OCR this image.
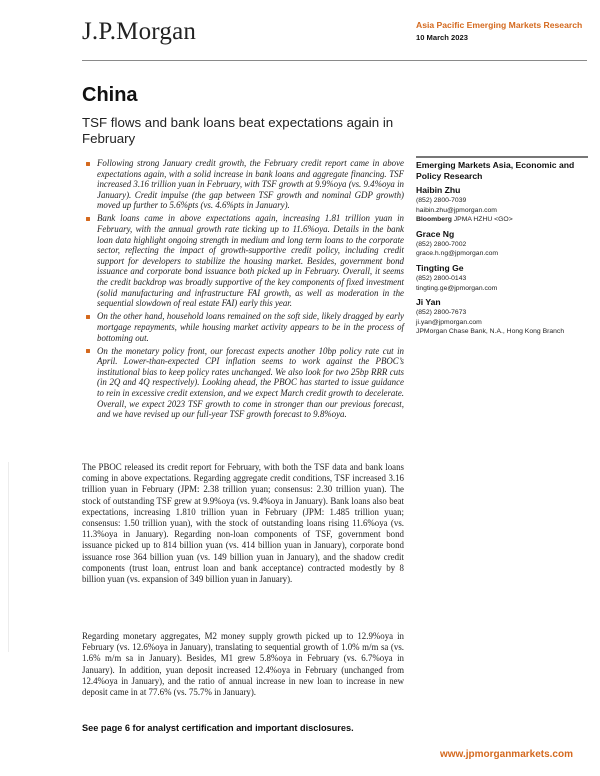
J.P.Morgan	Asia Pacific Emerging Markets Research
10 March 2023
China
TSF flows and bank loans beat expectations again in February
Following strong January credit growth, the February credit report came in above expectations again, with a solid increase in bank loans and aggregate financing. TSF increased 3.16 trillion yuan in February, with TSF growth at 9.9%oya (vs. 9.4%oya in January). Credit impulse (the gap between TSF growth and nominal GDP growth) moved up further to 5.6%pts (vs. 4.6%pts in January).
Bank loans came in above expectations again, increasing 1.81 trillion yuan in February, with the annual growth rate ticking up to 11.6%oya. Details in the bank loan data highlight ongoing strength in medium and long term loans to the corporate sector, reflecting the impact of growth-supportive credit policy, including credit support for developers to stabilize the housing market. Besides, government bond issuance and corporate bond issuance both picked up in February. Overall, it seems the credit backdrop was broadly supportive of the key components of fixed investment (solid manufacturing and infrastructure FAI growth, as well as moderation in the sequential slowdown of real estate FAI) early this year.
On the other hand, household loans remained on the soft side, likely dragged by early mortgage repayments, while housing market activity appears to be in the process of bottoming out.
On the monetary policy front, our forecast expects another 10bp policy rate cut in April. Lower-than-expected CPI inflation seems to work against the PBOC’s institutional bias to keep policy rates unchanged. We also look for two 25bp RRR cuts (in 2Q and 4Q respectively). Looking ahead, the PBOC has started to issue guidance to rein in excessive credit extension, and we expect March credit growth to decelerate. Overall, we expect 2023 TSF growth to come in stronger than our previous forecast, and we have revised up our full-year TSF growth forecast to 9.8%oya.

The PBOC released its credit report for February, with both the TSF data and bank loans coming in above expectations. Regarding aggregate credit conditions, TSF increased 3.16 trillion yuan in February (JPM: 2.38 trillion yuan; consensus: 2.30 trillion yuan). The stock of outstanding TSF grew at 9.9%oya (vs. 9.4%oya in January). Bank loans also beat expectations, increasing 1.810 trillion yuan in February (JPM: 1.485 trillion yuan; consensus: 1.50 trillion yuan), with the stock of outstanding loans rising 11.6%oya (vs. 11.3%oya in January). Regarding non-loan components of TSF, government bond issuance picked up to 814 billion yuan (vs. 414 billion yuan in January), corporate bond issuance rose 364 billion yuan (vs. 149 billion yuan in January), and the shadow credit components (trust loan, entrust loan and bank acceptance) contracted modestly by 8 billion yuan (vs. expansion of 349 billion yuan in January).

Regarding monetary aggregates, M2 money supply growth picked up to 12.9%oya in February (vs. 12.6%oya in January), translating to sequential growth of 1.0% m/m sa (vs. 1.6% m/m sa in January). Besides, M1 grew 5.8%oya in February (vs. 6.7%oya in January). In addition, yuan deposit increased 12.4%oya in February (unchanged from 12.4%oya in January), and the ratio of annual increase in new loan to increase in new deposit came in at 77.6% (vs. 75.7% in January).

See page 6 for analyst certification and important disclosures.
www.jpmorganmarkets.com
Emerging Markets Asia, Economic and Policy Research
Haibin Zhu
(852) 2800-7039
haibin.zhu@jpmorgan.com
Bloomberg JPMA HZHU <GO>
Grace Ng
(852) 2800-7002
grace.h.ng@jpmorgan.com
Tingting Ge
(852) 2800-0143
tingting.ge@jpmorgan.com
Ji Yan
(852) 2800-7673
ji.yan@jpmorgan.com
JPMorgan Chase Bank, N.A., Hong Kong Branch
